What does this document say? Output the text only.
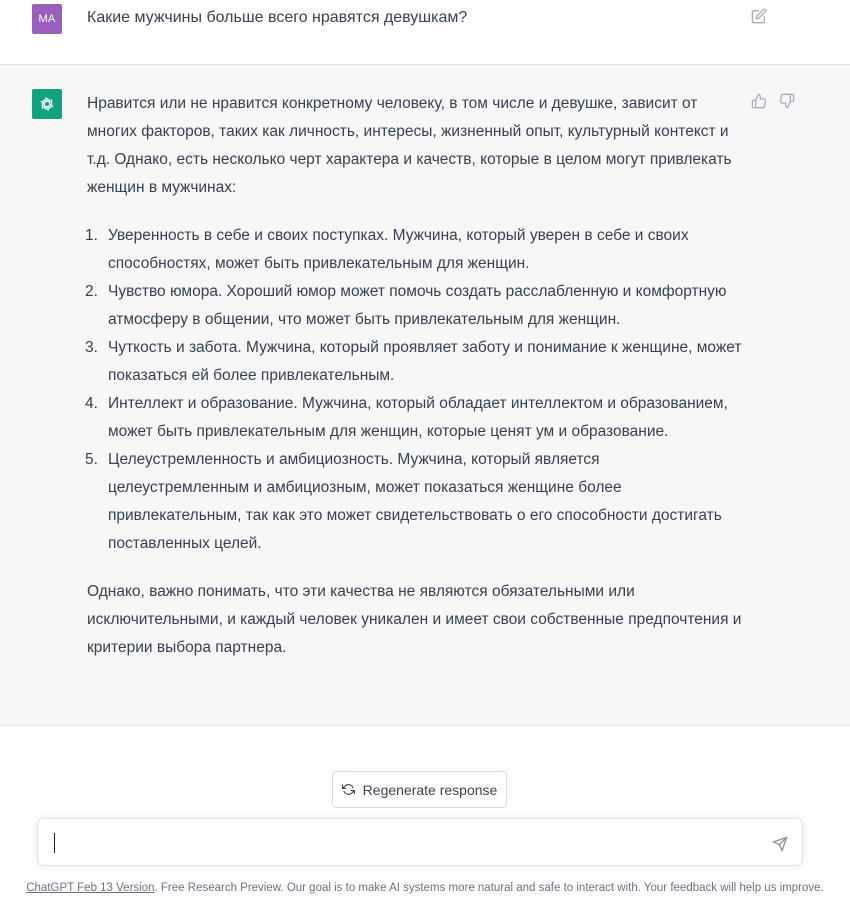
MA	Какие мужчины больше всего нравятся девушкам?

Нравится или не нравится конкретному человеку, в том числе и девушке, зависит от многих факторов, таких как личность, интересы, жизненный опыт, культурный контекст и т.д. Однако, есть несколько черт характера и качеств, которые в целом могут привлекать женщин в мужчинах:

1. Уверенность в себе и своих поступках. Мужчина, который уверен в себе и своих способностях, может быть привлекательным для женщин.
2. Чувство юмора. Хороший юмор может помочь создать расслабленную и комфортную атмосферу в общении, что может быть привлекательным для женщин.
3. Чуткость и забота. Мужчина, который проявляет заботу и понимание к женщине, может показаться ей более привлекательным.
4. Интеллект и образование. Мужчина, который обладает интеллектом и образованием, может быть привлекательным для женщин, которые ценят ум и образование.
5. Целеустремленность и амбициозность. Мужчина, который является целеустремленным и амбициозным, может показаться женщине более привлекательным, так как это может свидетельствовать о его способности достигать поставленных целей.

Однако, важно понимать, что эти качества не являются обязательными или исключительными, и каждый человек уникален и имеет свои собственные предпочтения и критерии выбора партнера.

Regenerate response
ChatGPT Feb 13 Version. Free Research Preview. Our goal is to make AI systems more natural and safe to interact with. Your feedback will help us improve.
